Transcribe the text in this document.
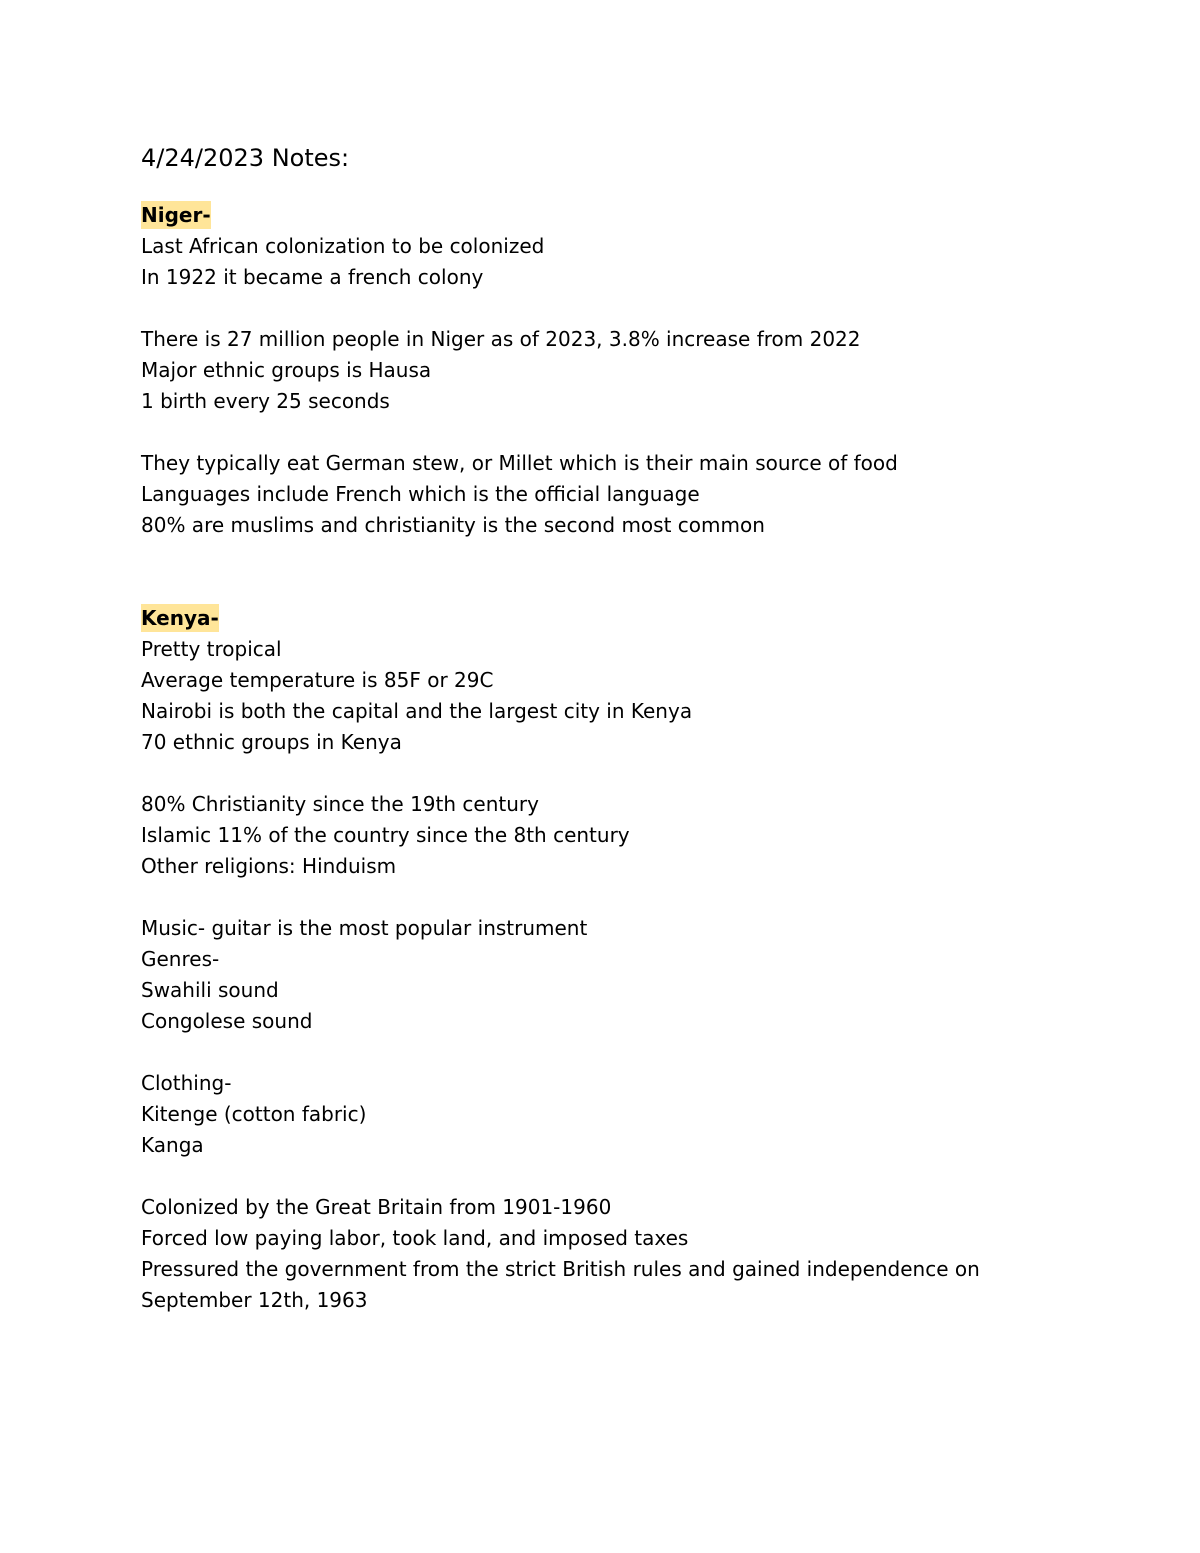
4/24/2023 Notes:
Niger-
Last African colonization to be colonized
In 1922 it became a french colony
There is 27 million people in Niger as of 2023, 3.8% increase from 2022
Major ethnic groups is Hausa
1 birth every 25 seconds
They typically eat German stew, or Millet which is their main source of food
Languages include French which is the official language
80% are muslims and christianity is the second most common
Kenya-
Pretty tropical
Average temperature is 85F or 29C
Nairobi is both the capital and the largest city in Kenya
70 ethnic groups in Kenya
80% Christianity since the 19th century
Islamic 11% of the country since the 8th century
Other religions: Hinduism
Music- guitar is the most popular instrument
Genres-
Swahili sound
Congolese sound
Clothing-
Kitenge (cotton fabric)
Kanga
Colonized by the Great Britain from 1901-1960
Forced low paying labor, took land, and imposed taxes
Pressured the government from the strict British rules and gained independence on September 12th, 1963
